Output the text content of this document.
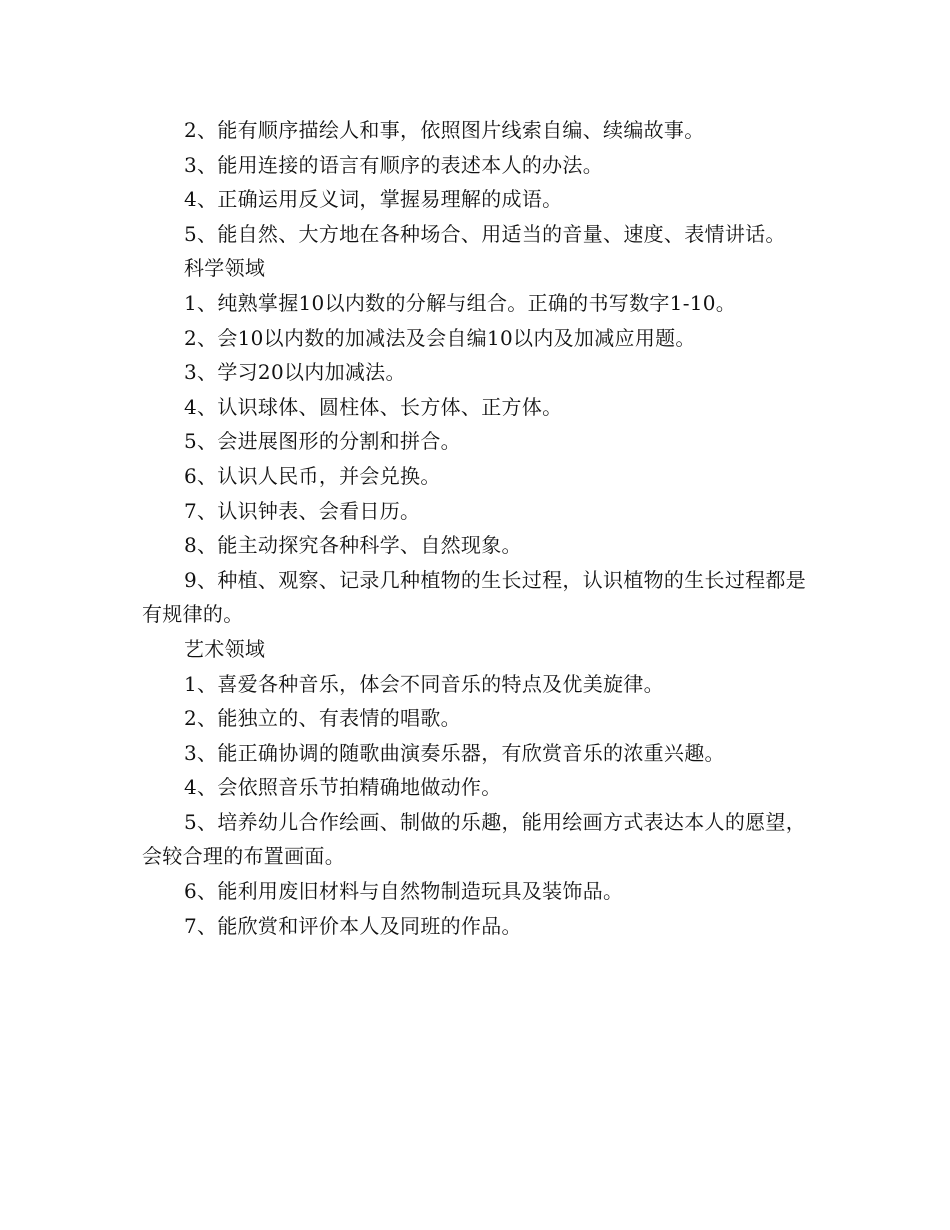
2、能有顺序描绘人和事，依照图片线索自编、续编故事。

3、能用连接的语言有顺序的表述本人的办法。

4、正确运用反义词，掌握易理解的成语。

5、能自然、大方地在各种场合、用适当的音量、速度、表情讲话。

科学领域

1、纯熟掌握10以内数的分解与组合。正确的书写数字1-10。

2、会10以内数的加减法及会自编10以内及加减应用题。

3、学习20以内加减法。

4、认识球体、圆柱体、长方体、正方体。

5、会进展图形的分割和拼合。

6、认识人民币，并会兑换。

7、认识钟表、会看日历。

8、能主动探究各种科学、自然现象。

9、种植、观察、记录几种植物的生长过程，认识植物的生长过程都是有规律的。

艺术领域

1、喜爱各种音乐，体会不同音乐的特点及优美旋律。

2、能独立的、有表情的唱歌。

3、能正确协调的随歌曲演奏乐器，有欣赏音乐的浓重兴趣。

4、会依照音乐节拍精确地做动作。

5、培养幼儿合作绘画、制做的乐趣，能用绘画方式表达本人的愿望，会较合理的布置画面。

6、能利用废旧材料与自然物制造玩具及装饰品。

7、能欣赏和评价本人及同班的作品。
